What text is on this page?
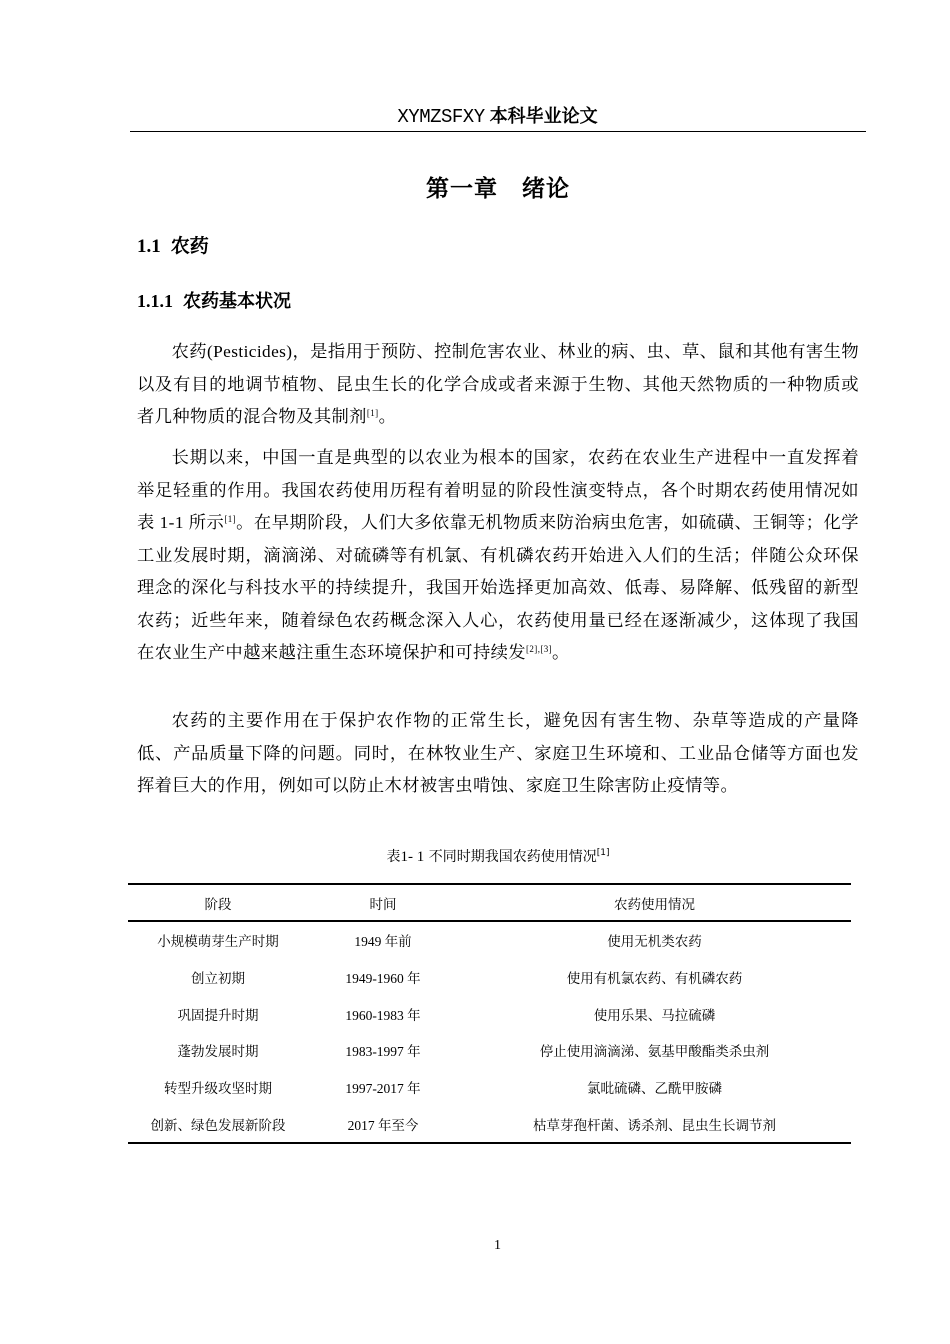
XYMZSFXY 本科毕业论文
第一章 绪论
1.1 农药
1.1.1 农药基本状况

农药(Pesticides)，是指用于预防、控制危害农业、林业的病、虫、草、鼠和其他有害生物以及有目的地调节植物、昆虫生长的化学合成或者来源于生物、其他天然物质的一种物质或者几种物质的混合物及其制剂[1]。

长期以来，中国一直是典型的以农业为根本的国家，农药在农业生产进程中一直发挥着举足轻重的作用。我国农药使用历程有着明显的阶段性演变特点，各个时期农药使用情况如表 1-1 所示[1]。在早期阶段，人们大多依靠无机物质来防治病虫危害，如硫磺、王铜等；化学工业发展时期，滴滴涕、对硫磷等有机氯、有机磷农药开始进入人们的生活；伴随公众环保理念的深化与科技水平的持续提升，我国开始选择更加高效、低毒、易降解、低残留的新型农药；近些年来，随着绿色农药概念深入人心，农药使用量已经在逐渐减少，这体现了我国在农业生产中越来越注重生态环境保护和可持续发[2],[3]。

农药的主要作用在于保护农作物的正常生长，避免因有害生物、杂草等造成的产量降低、产品质量下降的问题。同时，在林牧业生产、家庭卫生环境和、工业品仓储等方面也发挥着巨大的作用，例如可以防止木材被害虫啃蚀、家庭卫生除害防止疫情等。

表1- 1 不同时期我国农药使用情况[1]
阶段	时间	农药使用情况
小规模萌芽生产时期	1949 年前	使用无机类农药
创立初期	1949-1960 年	使用有机氯农药、有机磷农药
巩固提升时期	1960-1983 年	使用乐果、马拉硫磷
蓬勃发展时期	1983-1997 年	停止使用滴滴涕、氨基甲酸酯类杀虫剂
转型升级攻坚时期	1997-2017 年	氯吡硫磷、乙酰甲胺磷
创新、绿色发展新阶段	2017 年至今	枯草芽孢杆菌、诱杀剂、昆虫生长调节剂
1
